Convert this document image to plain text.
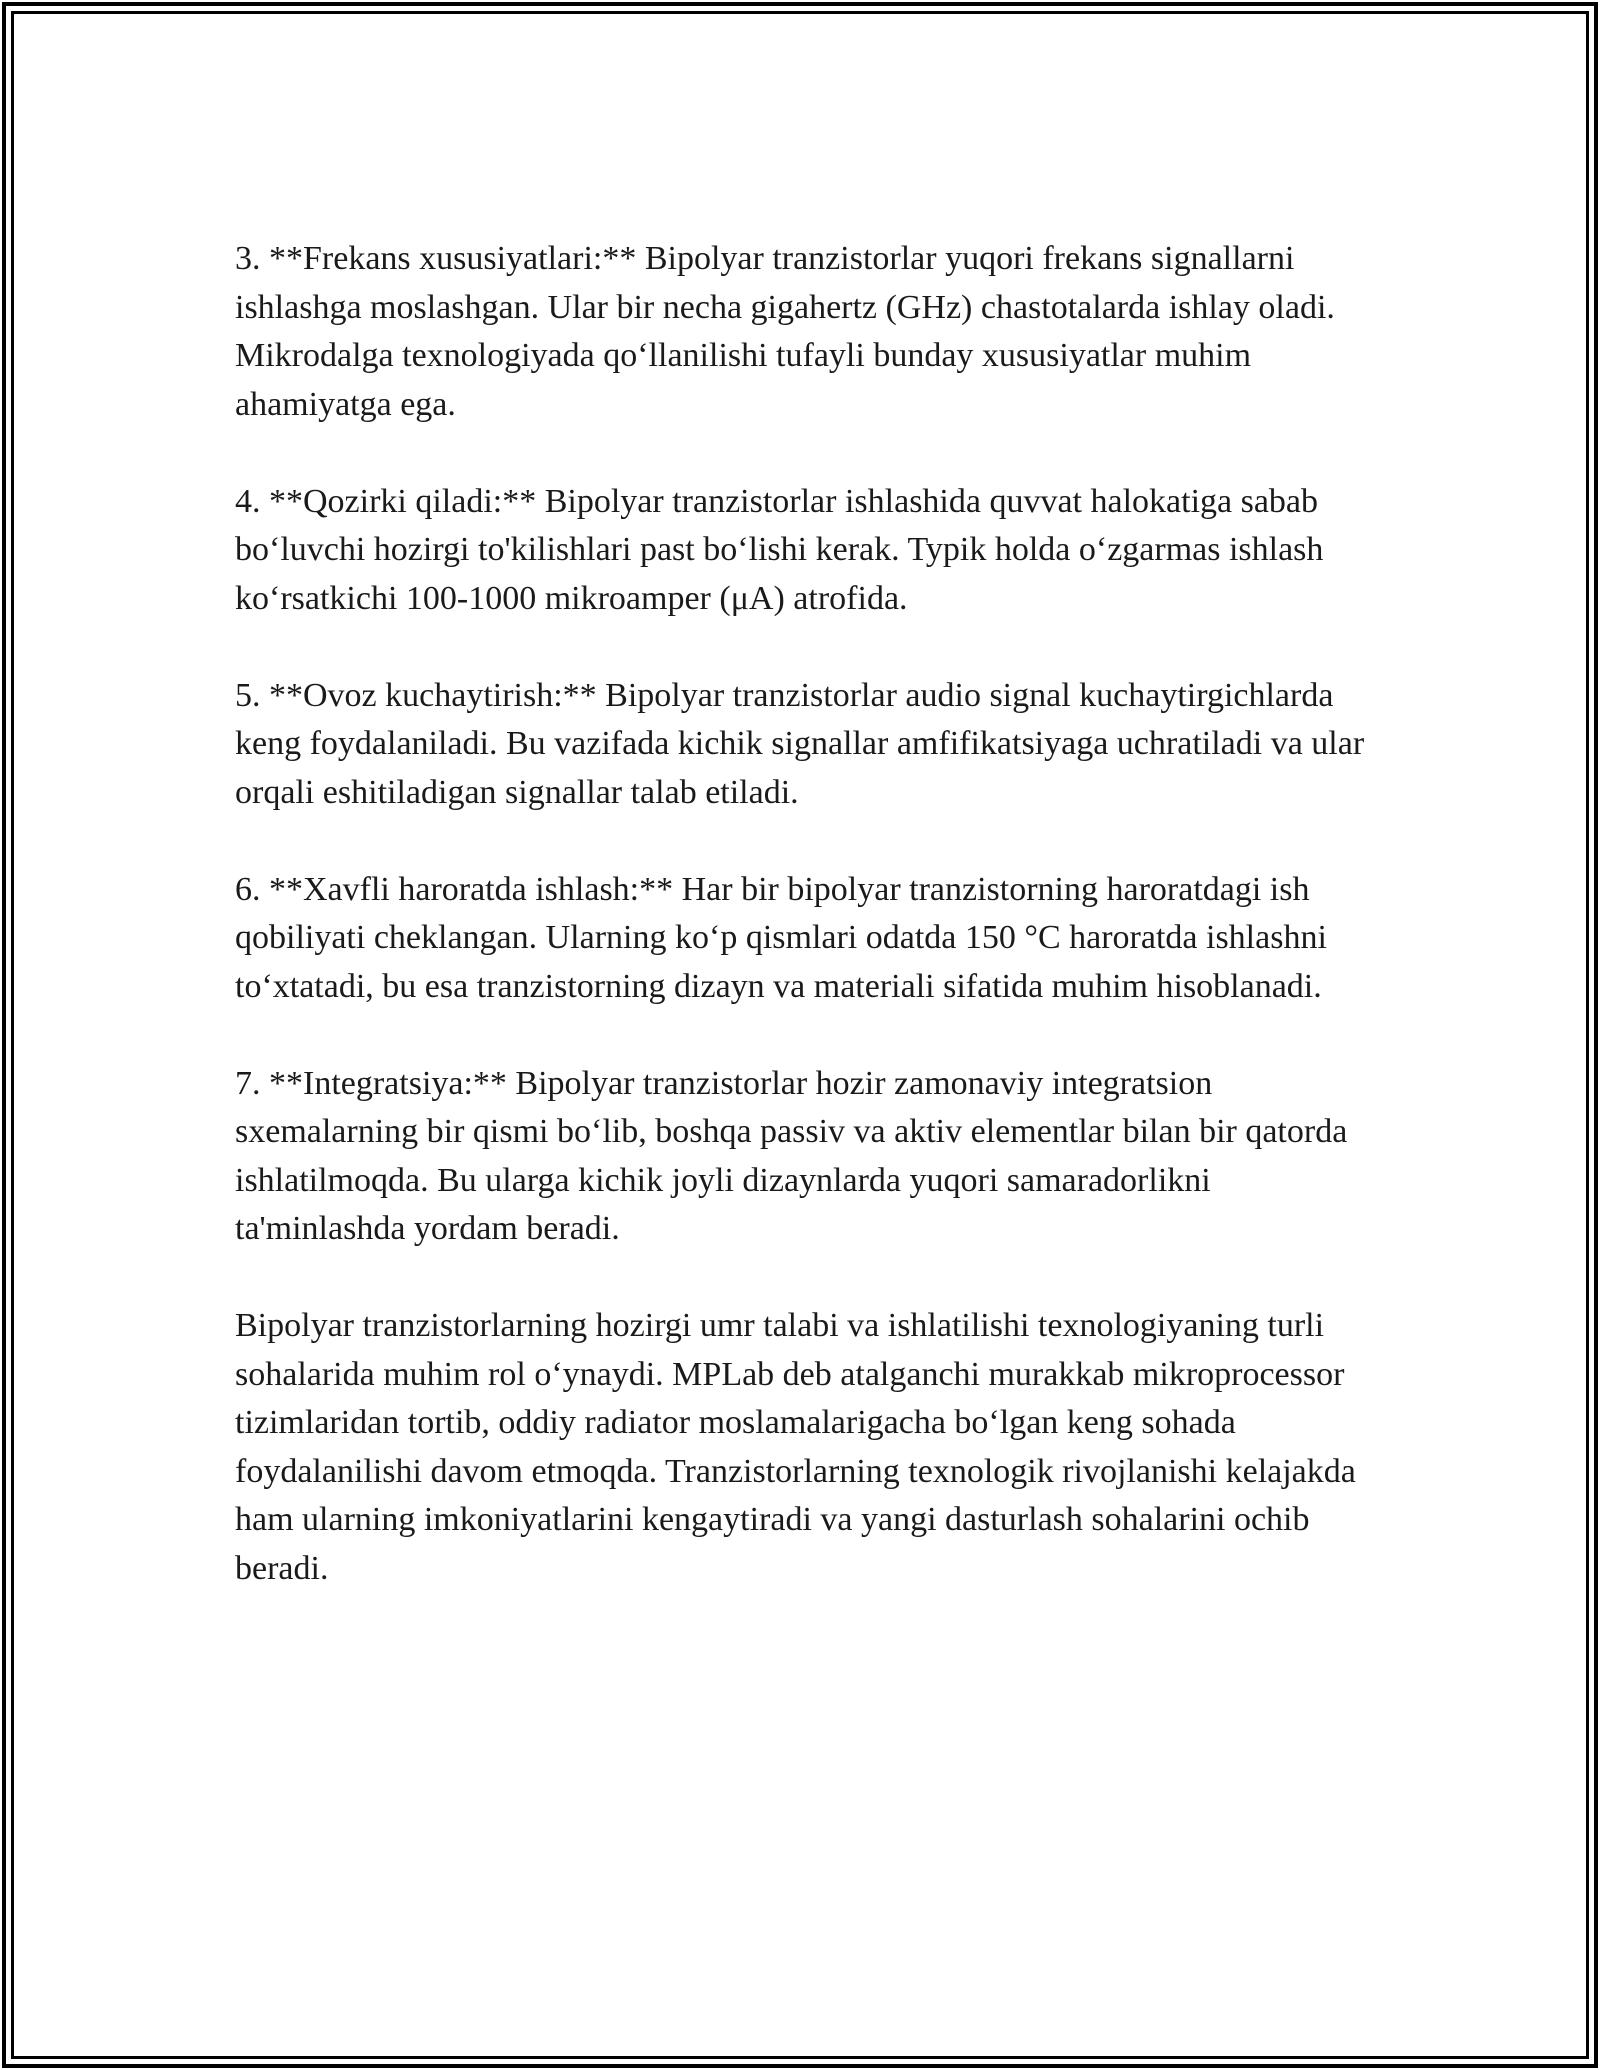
3. **Frekans xususiyatlari:** Bipolyar tranzistorlar yuqori frekans signallarni ishlashga moslashgan. Ular bir necha gigahertz (GHz) chastotalarda ishlay oladi. Mikrodalga texnologiyada qo‘llanilishi tufayli bunday xususiyatlar muhim ahamiyatga ega.

4. **Qozirki qiladi:** Bipolyar tranzistorlar ishlashida quvvat halokatiga sabab bo‘luvchi hozirgi to'kilishlari past bo‘lishi kerak. Typik holda o‘zgarmas ishlash ko‘rsatkichi 100-1000 mikroamper (μA) atrofida.

5. **Ovoz kuchaytirish:** Bipolyar tranzistorlar audio signal kuchaytirgichlarda keng foydalaniladi. Bu vazifada kichik signallar amfifikatsiyaga uchratiladi va ular orqali eshitiladigan signallar talab etiladi.

6. **Xavfli haroratda ishlash:** Har bir bipolyar tranzistorning haroratdagi ish qobiliyati cheklangan. Ularning ko‘p qismlari odatda 150 °C haroratda ishlashni to‘xtatadi, bu esa tranzistorning dizayn va materiali sifatida muhim hisoblanadi.

7. **Integratsiya:** Bipolyar tranzistorlar hozir zamonaviy integratsion sxemalarning bir qismi bo‘lib, boshqa passiv va aktiv elementlar bilan bir qatorda ishlatilmoqda. Bu ularga kichik joyli dizaynlarda yuqori samaradorlikni ta'minlashda yordam beradi.

Bipolyar tranzistorlarning hozirgi umr talabi va ishlatilishi texnologiyaning turli sohalarida muhim rol o‘ynaydi. MPLab deb atalganchi murakkab mikroprocessor tizimlaridan tortib, oddiy radiator moslamalarigacha bo‘lgan keng sohada foydalanilishi davom etmoqda. Tranzistorlarning texnologik rivojlanishi kelajakda ham ularning imkoniyatlarini kengaytiradi va yangi dasturlash sohalarini ochib beradi.
